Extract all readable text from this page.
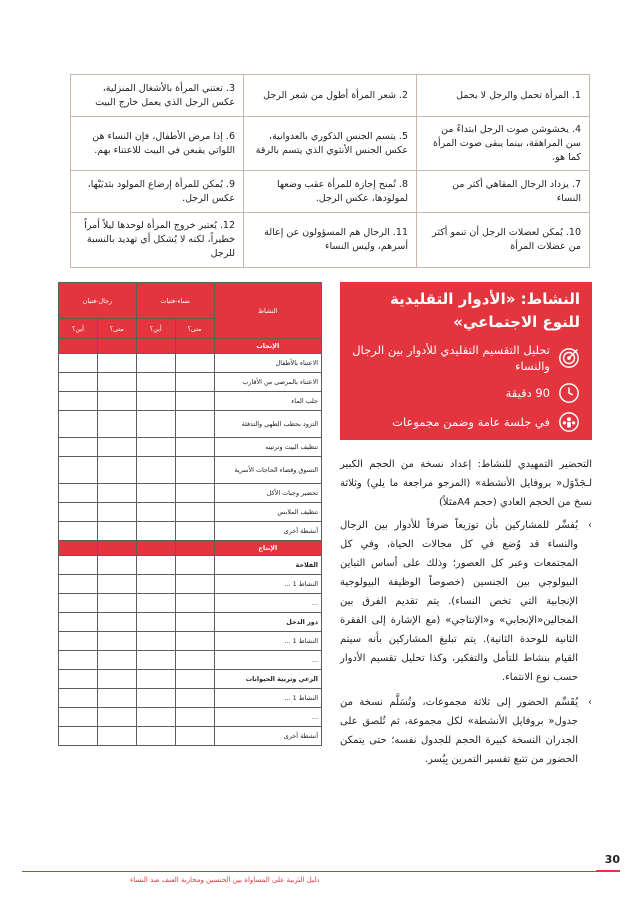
1. المرأة تحمل والرجل لا يحمل	2. شعر المرأة أطول من شعر الرجل	3. تعتني المرأة بالأشغال المنزلية، عكس الرجل الذي يعمل خارج البيت
4. يخشوشن صوت الرجل ابتداءً من سن المراهقة، بينما يبقى صوت المرأة كما هو.	5. يتسم الجنس الذكوري بالعدوانية، عكس الجنس الأنثوي الذي يتسم بالرقة	6. إذا مرض الأطفال، فإن النساء هن اللواتي يقبعن في البيت للاعتناء بهم.
7. يزداد الرجال المقاهي أكثر من النساء	8. تُمنح إجازة للمرأة عقب وضعها لمولودها، عكس الرجل.	9. يُمكن للمرأة إرضاع المولود بثديَيْها، عكس الرجل.
10. يُمكن لعضلات الرجل أن تنمو أكثر من عضلات المرأة	11. الرجال هم المسؤولون عن إعالة أسرهم، وليس النساء	12. يُعتبر خروج المرأة لوحدها ليلاً أمراً خطيراً، لكنه لا يُشكل أي تهديد بالنسبة للرجل
النشاط	نساء-فتيات		رجال-فتيان	
	متى؟	أين؟	متى؟	أين؟
الإنجاب				
الاعتناء بالأطفال				
الاعتناء بالمرضى من الأقارب				
جلب الماء				
التزود بحطب الطهي والتدفئة				
تنظيف البيت وترتيبه				
التسوق وقضاء الحاجات الأسرية				
تحضير وجبات الأكل				
تنظيف الملابس				
أنشطة أخرى				
الإنتاج				
الفلاحة				
النشاط 1 ...				
...				
دور الدخل				
النشاط 1 ...				
...				
الرعي وتربية الحيوانات				
النشاط 1 ...				
...				
أنشطة أخرى				
النشاط: «الأدوار التقليدية للنوع الاجتماعي»
تحليل التقسيم التقليدي للأدوار بين الرجال والنساء
90 دقيقة
في جلسة عامة وضمن مجموعات

التحضير التمهيدي للنشاط: إعداد نسخة من الحجم الكبير لـجَدْوَل« بروفايل الأنشطة» (المرجو مراجعة ما يلي) وثلاثة نسخ من الحجم العادي (حجم A4مثلاً)

›
يُفسِّر للمشاركين بأن توزيعاً صرفاً للأدوار بين الرجال والنساء قد وُضع في كل مجالات الحياة، وفي كل المجتمعات وعبر كل العصور؛ وذلك على أساس التباين البيولوجي بين الجنسين (خصوصاً الوظيفة البيولوجية الإنجابية التي تخص النساء). يتم تقديم الفرق بين المجالين«الإنجابي» و«الإنتاجي» (مع الإشارة إلى الفقرة الثانية للوحدة الثانية). يتم تبليغ المشاركين بأنه سيتم القيام بنشاط للتأمل والتفكير، وكذا تحليل تقسيم الأدوار حسب نوع الانتماء.
›
يُقَسِّم الحضور إلى ثلاثة مجموعات، وتُسَلَّم نسخة من جدول« بروفايل الأنشطة» لكل مجموعة، ثم تُلصق على الجدران النسخة كبيرة الحجم للجدول نفسه؛ حتى يتمكن الحضور من تتبع تفسير التمرين بِيُسر.
30
دليل التربية على المساواة بين الجنسين ومحاربة العنف ضد النساء
